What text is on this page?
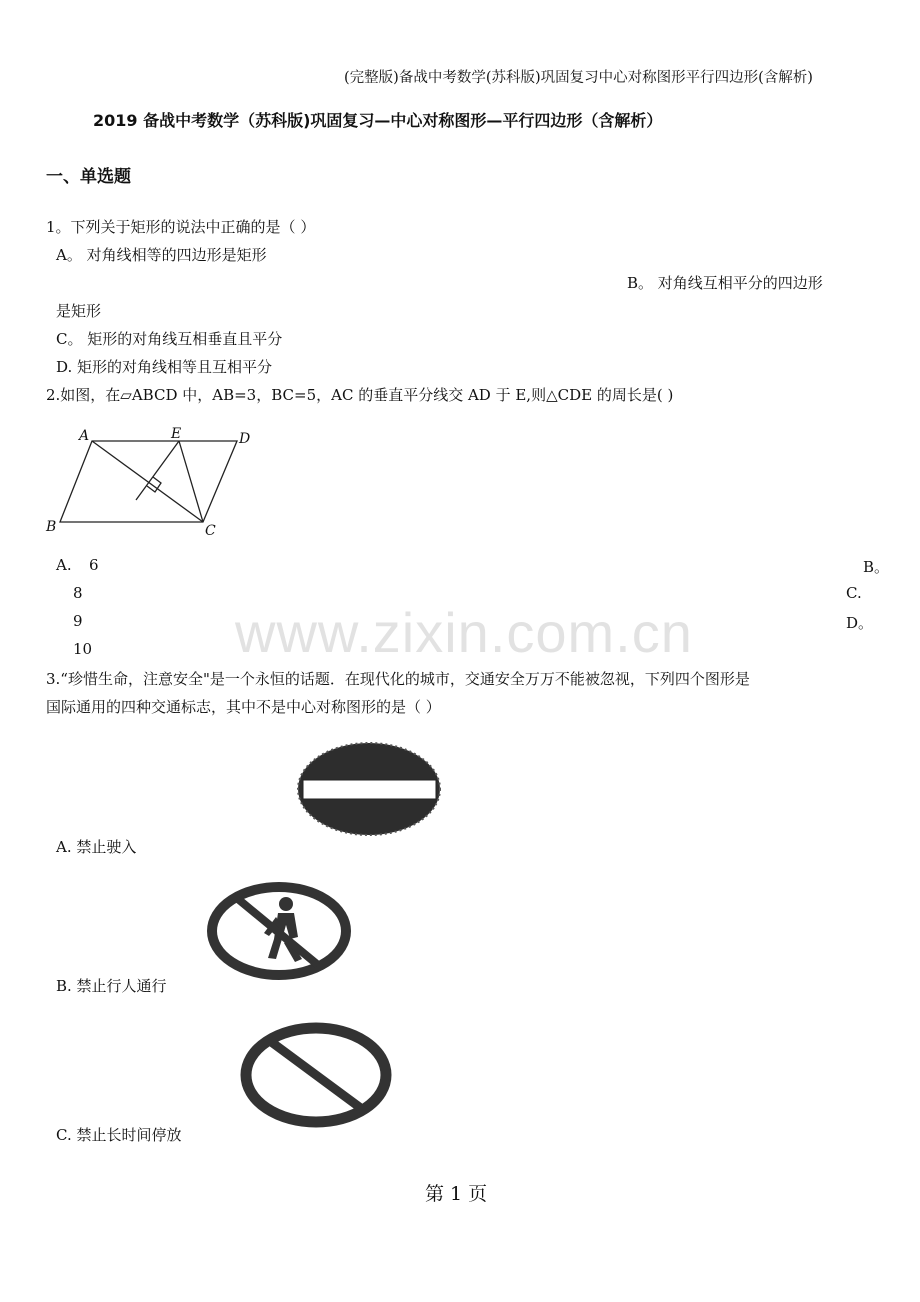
(完整版)备战中考数学(苏科版)巩固复习中心对称图形平行四边形(含解析)
2019 备战中考数学（苏科版)巩固复习—中心对称图形—平行四边形（含解析）
一、单选题
1。下列关于矩形的说法中正确的是（ ）
A。 对角线相等的四边形是矩形
B。 对角线互相平分的四边形
是矩形
C。 矩形的对角线互相垂直且平分
D. 矩形的对角线相等且互相平分
2.如图，在▱ABCD 中，AB=3，BC=5，AC 的垂直平分线交 AD 于 E,则△CDE 的周长是( )
A	E	D
B	C
A. 6	B。
8	C.
9	D。
10	www.zixin.com.cn
3.“珍惜生命，注意安全"是一个永恒的话题．在现代化的城市，交通安全万万不能被忽视，下列四个图形是
国际通用的四种交通标志，其中不是中心对称图形的是（ ）
A. 禁止驶入
B. 禁止行人通行
C. 禁止长时间停放
第 1 页
